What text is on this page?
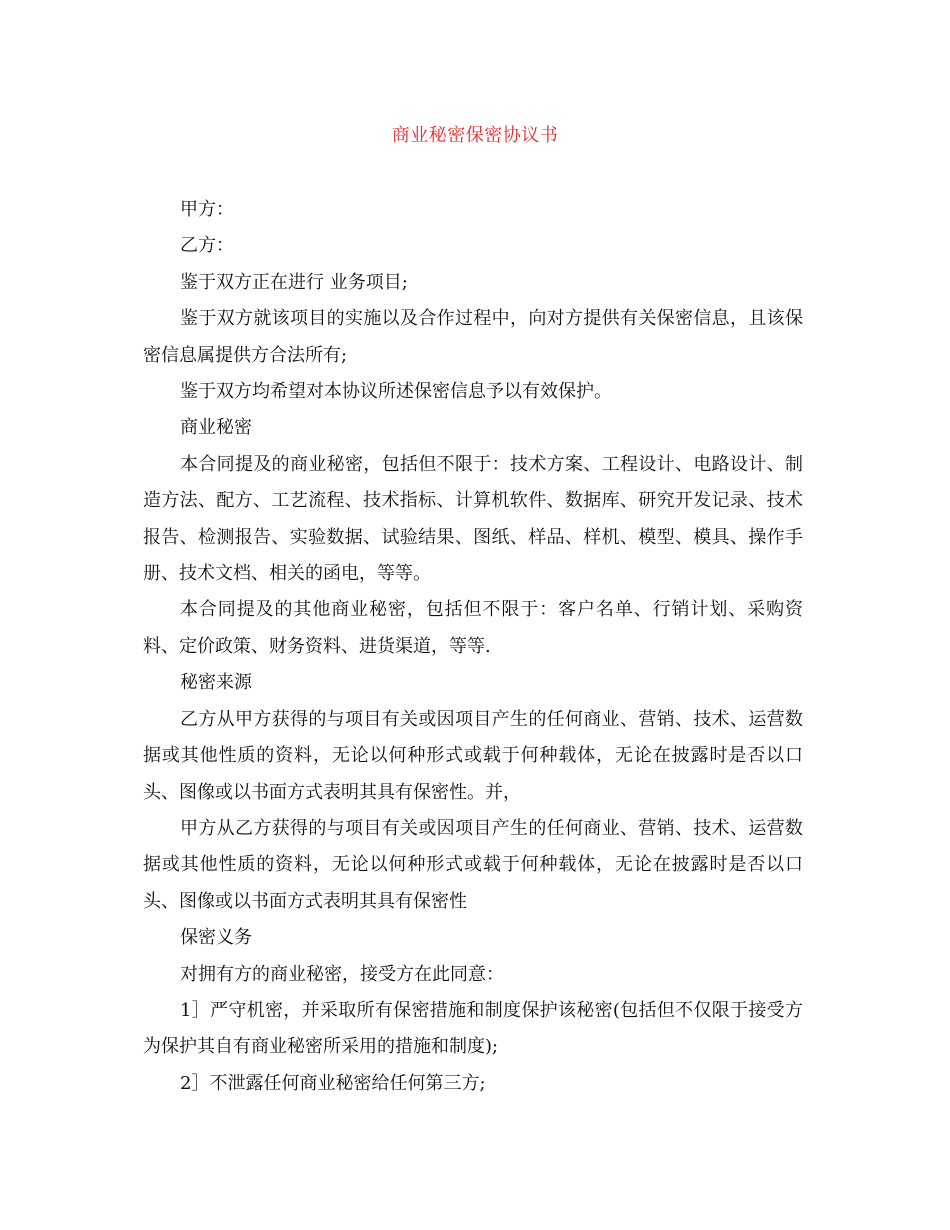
商业秘密保密协议书

甲方：

乙方：

鉴于双方正在进行 业务项目;

鉴于双方就该项目的实施以及合作过程中，向对方提供有关保密信息，且该保密信息属提供方合法所有;

鉴于双方均希望对本协议所述保密信息予以有效保护。

商业秘密

本合同提及的商业秘密，包括但不限于：技术方案、工程设计、电路设计、制造方法、配方、工艺流程、技术指标、计算机软件、数据库、研究开发记录、技术报告、检测报告、实验数据、试验结果、图纸、样品、样机、模型、模具、操作手册、技术文档、相关的函电，等等。

本合同提及的其他商业秘密，包括但不限于：客户名单、行销计划、采购资料、定价政策、财务资料、进货渠道，等等.

秘密来源

乙方从甲方获得的与项目有关或因项目产生的任何商业、营销、技术、运营数据或其他性质的资料，无论以何种形式或载于何种载体，无论在披露时是否以口头、图像或以书面方式表明其具有保密性。并，

甲方从乙方获得的与项目有关或因项目产生的任何商业、营销、技术、运营数据或其他性质的资料，无论以何种形式或载于何种载体，无论在披露时是否以口头、图像或以书面方式表明其具有保密性

保密义务

对拥有方的商业秘密，接受方在此同意：

1］严守机密，并采取所有保密措施和制度保护该秘密(包括但不仅限于接受方为保护其自有商业秘密所采用的措施和制度);

2］不泄露任何商业秘密给任何第三方;
